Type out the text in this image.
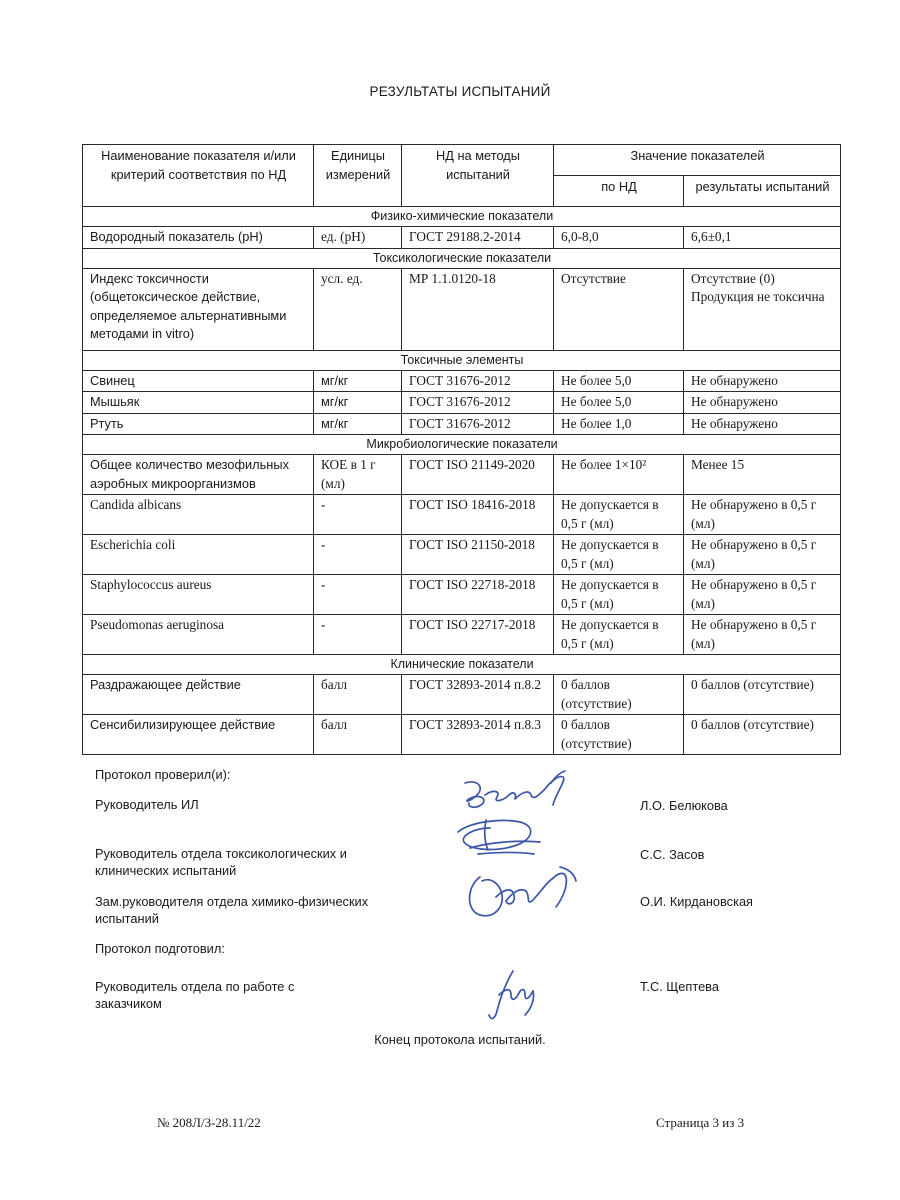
РЕЗУЛЬТАТЫ ИСПЫТАНИЙ
Наименование показателя и/или критерий соответствия по НД	Единицы измерений	НД на методы испытаний	Значение показателей	
			по НД	результаты испытаний
Физико-химические показатели				
Водородный показатель (pH)	ед. (pH)	ГОСТ 29188.2-2014	6,0-8,0	6,6±0,1
Токсикологические показатели				
Индекс токсичности (общетоксическое действие, определяемое альтернативными методами in vitro)	усл. ед.	МР 1.1.0120-18	Отсутствие	Отсутствие (0) Продукция не токсична
Токсичные элементы				
Свинец	мг/кг	ГОСТ 31676-2012	Не более 5,0	Не обнаружено
Мышьяк	мг/кг	ГОСТ 31676-2012	Не более 5,0	Не обнаружено
Ртуть	мг/кг	ГОСТ 31676-2012	Не более 1,0	Не обнаружено
Микробиологические показатели				
Общее количество мезофильных аэробных микроорганизмов	КОЕ в 1 г (мл)	ГОСТ ISO 21149-2020	Не более 1×10²	Менее 15
Candida albicans	-	ГОСТ ISO 18416-2018	Не допускается в 0,5 г (мл)	Не обнаружено в 0,5 г (мл)
Escherichia coli	-	ГОСТ ISO 21150-2018	Не допускается в 0,5 г (мл)	Не обнаружено в 0,5 г (мл)
Staphylococcus aureus	-	ГОСТ ISO 22718-2018	Не допускается в 0,5 г (мл)	Не обнаружено в 0,5 г (мл)
Pseudomonas aeruginosa	-	ГОСТ ISO 22717-2018	Не допускается в 0,5 г (мл)	Не обнаружено в 0,5 г (мл)
Клинические показатели				
Раздражающее действие	балл	ГОСТ 32893-2014 п.8.2	0 баллов (отсутствие)	0 баллов (отсутствие)
Сенсибилизирующее действие	балл	ГОСТ 32893-2014 п.8.3	0 баллов (отсутствие)	0 баллов (отсутствие)
Протокол проверил(и):
Руководитель ИЛ	Л.О. Белюкова
Руководитель отдела токсикологических и клинических испытаний
С.С. Засов
Зам.руководителя отдела химико-физических испытаний
О.И. Кирдановская
Протокол подготовил:
Руководитель отдела по работе с заказчиком
Т.С. Щептева
Конец протокола испытаний.
№ 208Л/З-28.11/22	Страница 3 из 3
